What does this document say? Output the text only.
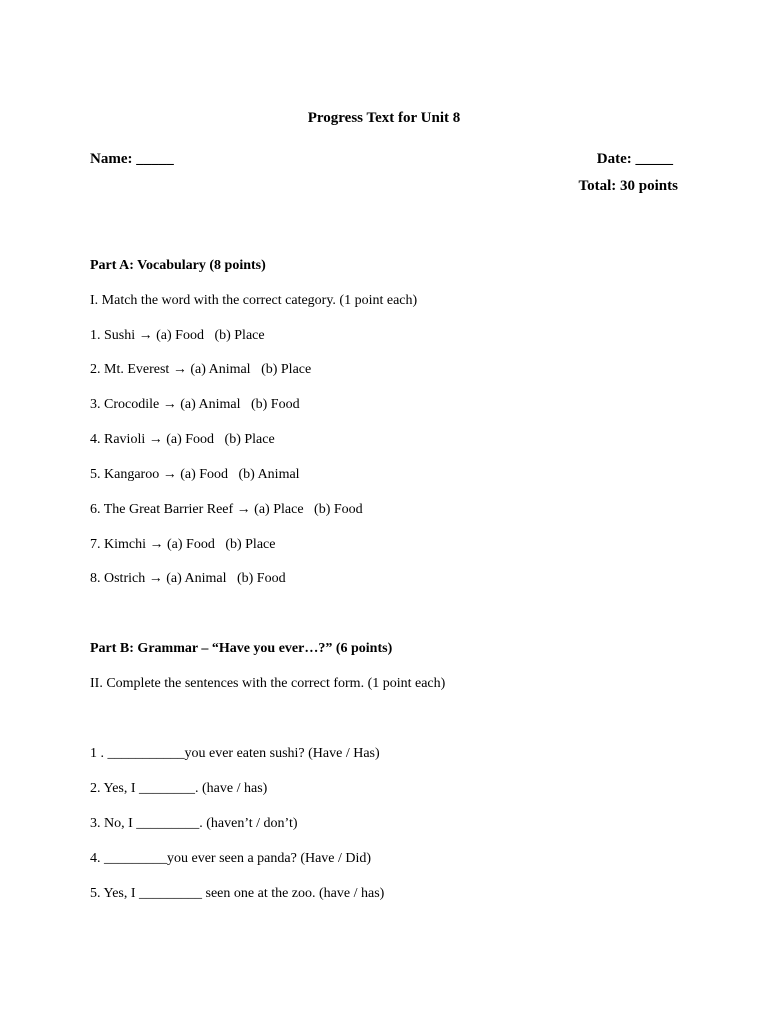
Progress Text for Unit 8
Name: _____	Date: _____
Total: 30 points
Part A: Vocabulary (8 points)
I. Match the word with the correct category. (1 point each)
1. Sushi → (a) Food   (b) Place
2. Mt. Everest → (a) Animal   (b) Place
3. Crocodile → (a) Animal   (b) Food
4. Ravioli → (a) Food   (b) Place
5. Kangaroo → (a) Food   (b) Animal
6. The Great Barrier Reef → (a) Place   (b) Food
7. Kimchi → (a) Food   (b) Place
8. Ostrich → (a) Animal   (b) Food
Part B: Grammar – “Have you ever…?” (6 points)
II. Complete the sentences with the correct form. (1 point each)
1 . ___________you ever eaten sushi? (Have / Has)
2. Yes, I ________. (have / has)
3. No, I _________. (haven’t / don’t)
4. _________you ever seen a panda? (Have / Did)
5. Yes, I _________ seen one at the zoo. (have / has)
